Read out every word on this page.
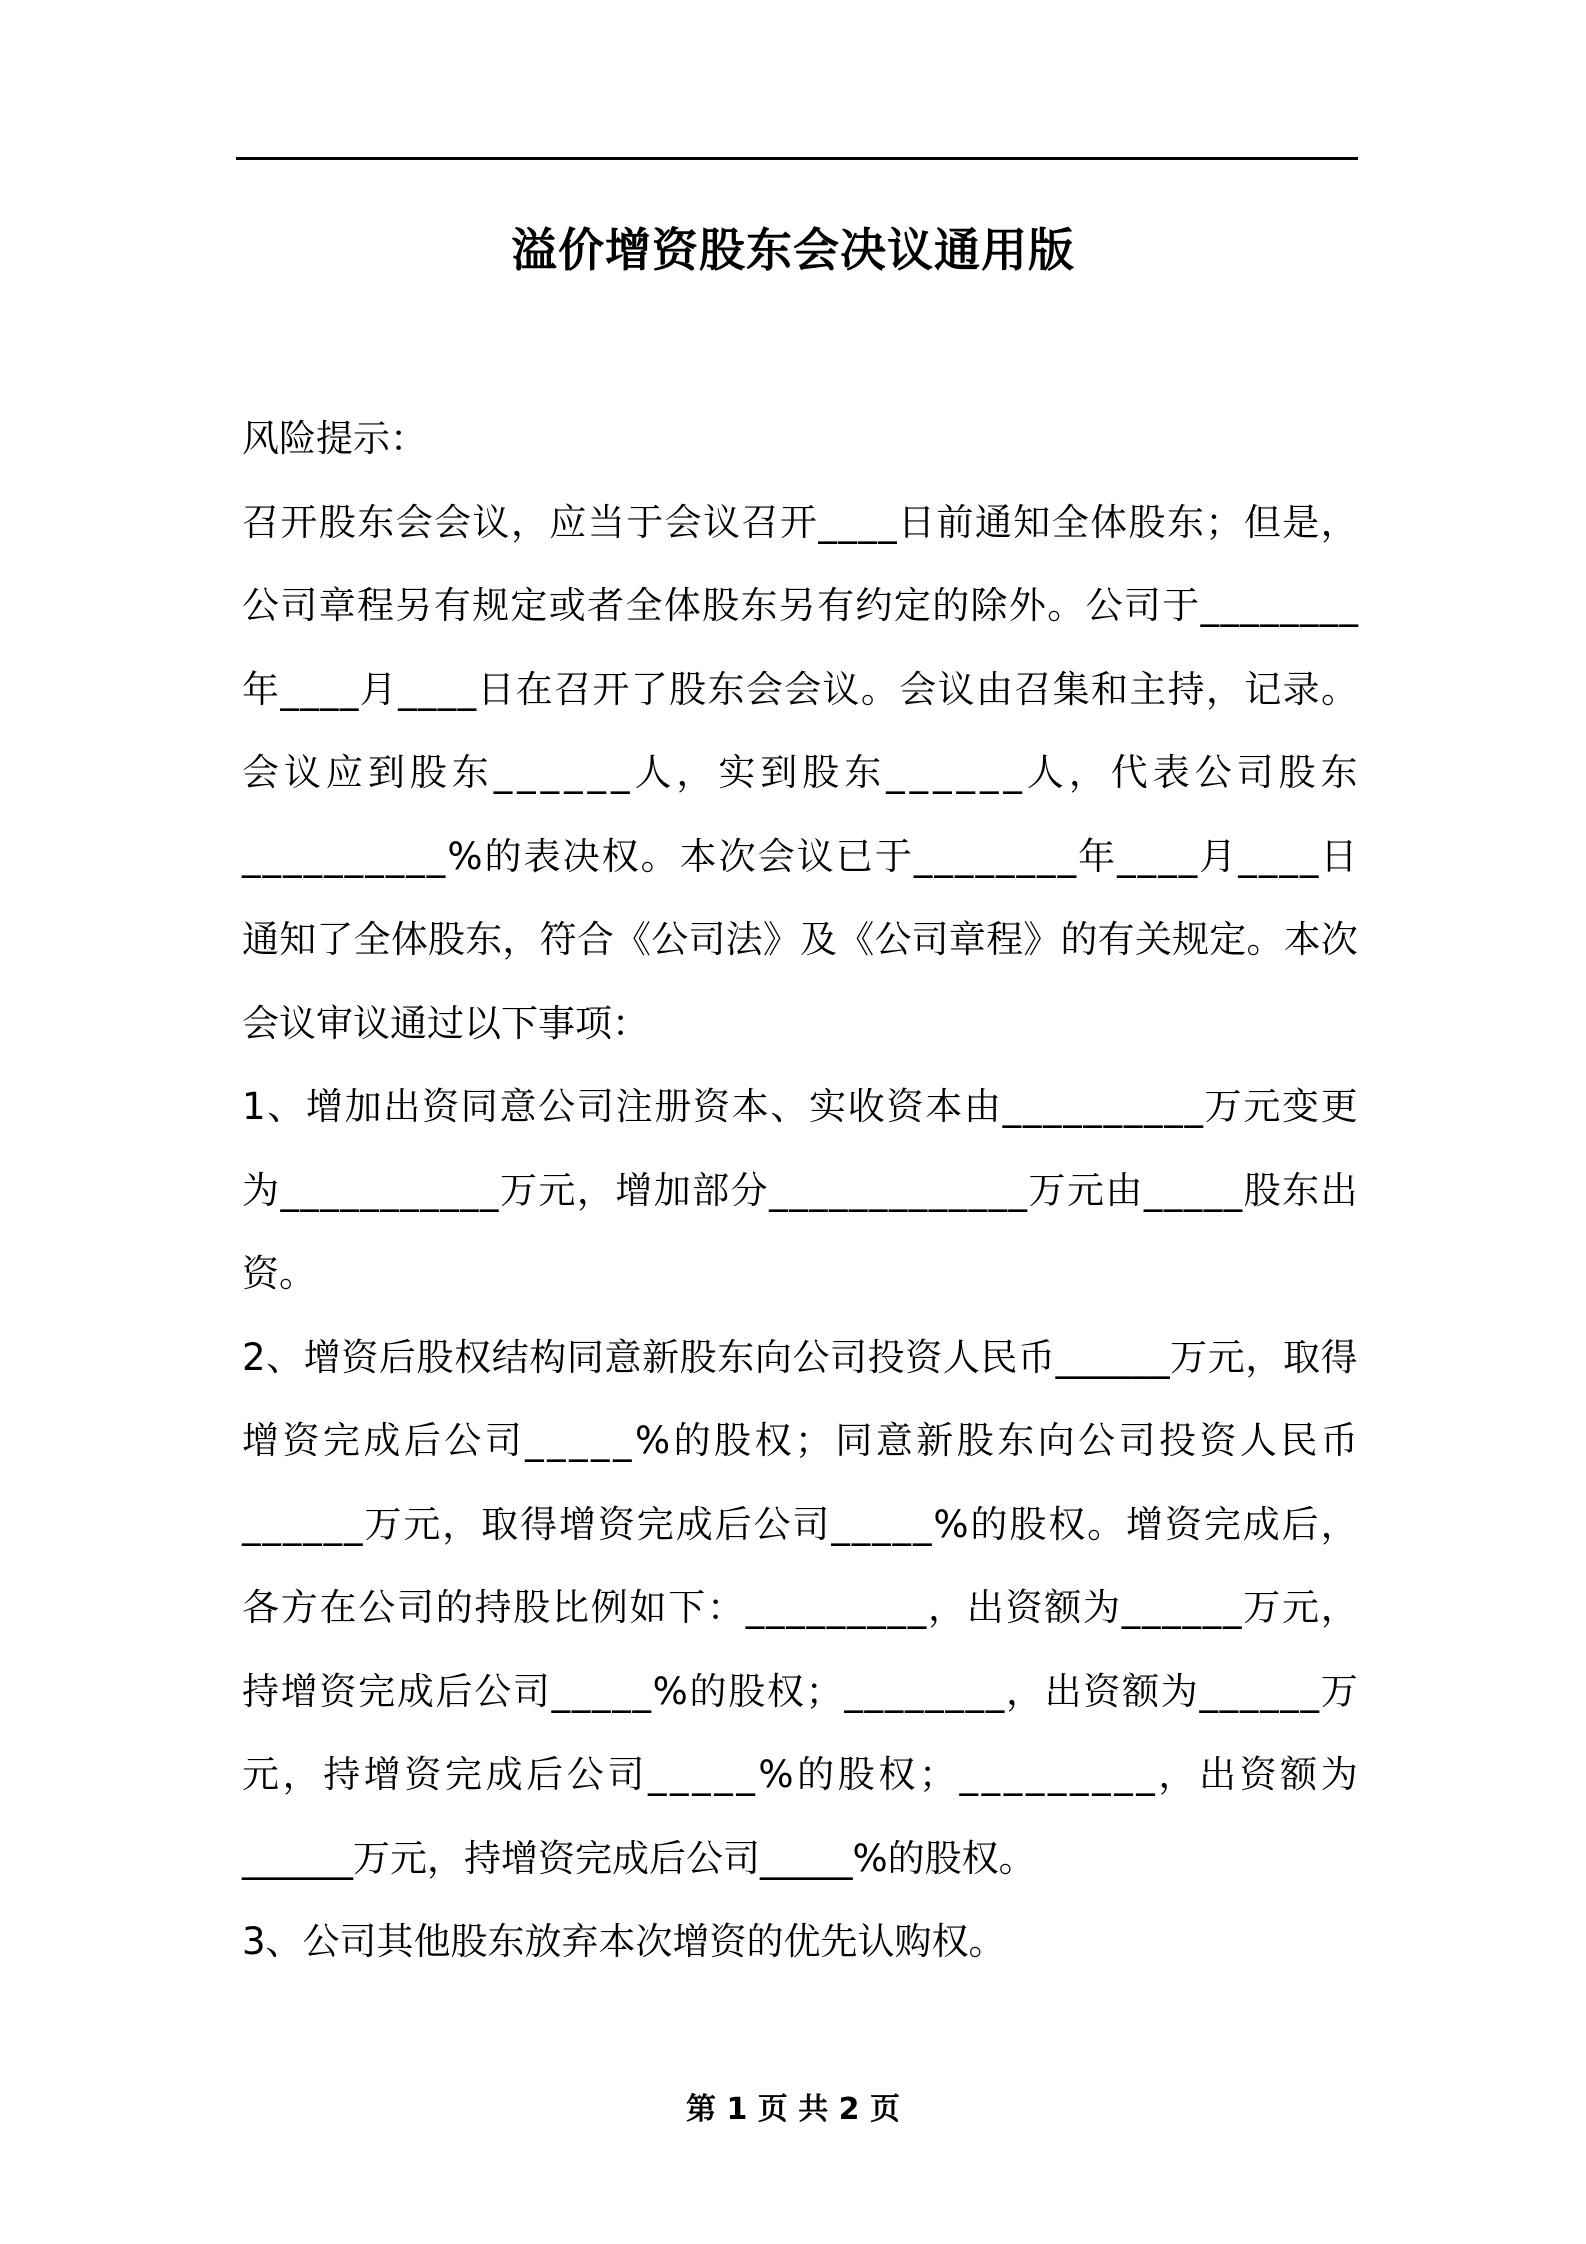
溢价增资股东会决议通用版
风险提示：
召 开 股 东 会 会 议 ， 应 当 于 会 议 召 开 _ _ _ _ 日 前 通 知 全 体 股 东 ； 但 是 ，
公 司 章 程 另 有 规 定 或 者 全 体 股 东 另 有 约 定 的 除 外 。 公 司 于 _ _ _ _ _ _ _ _
年 _ _ _ _ 月 _ _ _ _ 日 在 召 开 了 股 东 会 会 议 。 会 议 由 召 集 和 主 持 ， 记 录 。
会 议 应 到 股 东 _ _ _ _ _ _ 人 ， 实 到 股 东 _ _ _ _ _ _ 人 ， 代 表 公 司 股 东
_ _ _ _ _ _ _ _ _ _ % 的 表 决 权 。 本 次 会 议 已 于 _ _ _ _ _ _ _ _ 年 _ _ _ _ 月 _ _ _ _ 日
通 知 了 全 体 股 东 ， 符 合 《 公 司 法 》 及 《 公 司 章 程 》 的 有 关 规 定 。 本 次
会议审议通过以下事项：
1 、 增 加 出 资 同 意 公 司 注 册 资 本 、 实 收 资 本 由 _ _ _ _ _ _ _ _ _ _ 万 元 变 更
为 _ _ _ _ _ _ _ _ _ _ _ 万 元 ， 增 加 部 分 _ _ _ _ _ _ _ _ _ _ _ _ _ 万 元 由 _ _ _ _ _ 股 东 出
资。
2 、 增 资 后 股 权 结 构 同 意 新 股 东 向 公 司 投 资 人 民 币 _ _ _ _ _ _ 万 元 ， 取 得
增 资 完 成 后 公 司 _ _ _ _ _ % 的 股 权 ； 同 意 新 股 东 向 公 司 投 资 人 民 币
_ _ _ _ _ _ 万 元 ， 取 得 增 资 完 成 后 公 司 _ _ _ _ _ % 的 股 权 。 增 资 完 成 后 ，
各 方 在 公 司 的 持 股 比 例 如 下 ： _ _ _ _ _ _ _ _ _ ， 出 资 额 为 _ _ _ _ _ _ 万 元 ，
持 增 资 完 成 后 公 司 _ _ _ _ _ % 的 股 权 ； _ _ _ _ _ _ _ _ ， 出 资 额 为 _ _ _ _ _ _ 万
元 ， 持 增 资 完 成 后 公 司 _ _ _ _ _ % 的 股 权 ； _ _ _ _ _ _ _ _ _ ， 出 资 额 为
______万元，持增资完成后公司_____%的股权。
3、公司其他股东放弃本次增资的优先认购权。
第 1 页 共 2 页
